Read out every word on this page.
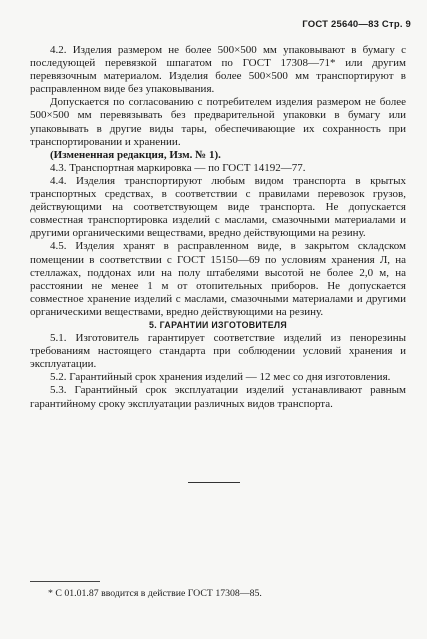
ГОСТ 25640—83 Стр. 9

4.2. Изделия размером не более 500×500 мм упаковывают в бумагу с последующей перевязкой шпагатом по ГОСТ 17308—71* или другим перевязочным материалом. Изделия более 500×500 мм транспортируют в расправленном виде без упаковывания.

Допускается по согласованию с потребителем изделия размером не более 500×500 мм перевязывать без предварительной упаковки в бумагу или упаковывать в другие виды тары, обеспечивающие их сохранность при транспортировании и хранении.

(Измененная редакция, Изм. № 1).

4.3. Транспортная маркировка — по ГОСТ 14192—77.

4.4. Изделия транспортируют любым видом транспорта в крытых транспортных средствах, в соответствии с правилами перевозок грузов, действующими на соответствующем виде транспорта. Не допускается совместная транспортировка изделий с маслами, смазочными материалами и другими органическими веществами, вредно действующими на резину.

4.5. Изделия хранят в расправленном виде, в закрытом складском помещении в соответствии с ГОСТ 15150—69 по условиям хранения Л, на стеллажах, поддонах или на полу штабелями высотой не более 2,0 м, на расстоянии не менее 1 м от отопительных приборов. Не допускается совместное хранение изделий с маслами, смазочными материалами и другими органическими веществами, вредно действующими на резину.

5. ГАРАНТИИ ИЗГОТОВИТЕЛЯ

5.1. Изготовитель гарантирует соответствие изделий из пенорезины требованиям настоящего стандарта при соблюдении условий хранения и эксплуатации.

5.2. Гарантийный срок хранения изделий — 12 мес со дня изготовления.

5.3. Гарантийный срок эксплуатации изделий устанавливают равным гарантийному сроку эксплуатации различных видов транспорта.

* С 01.01.87 вводится в действие ГОСТ 17308—85.
